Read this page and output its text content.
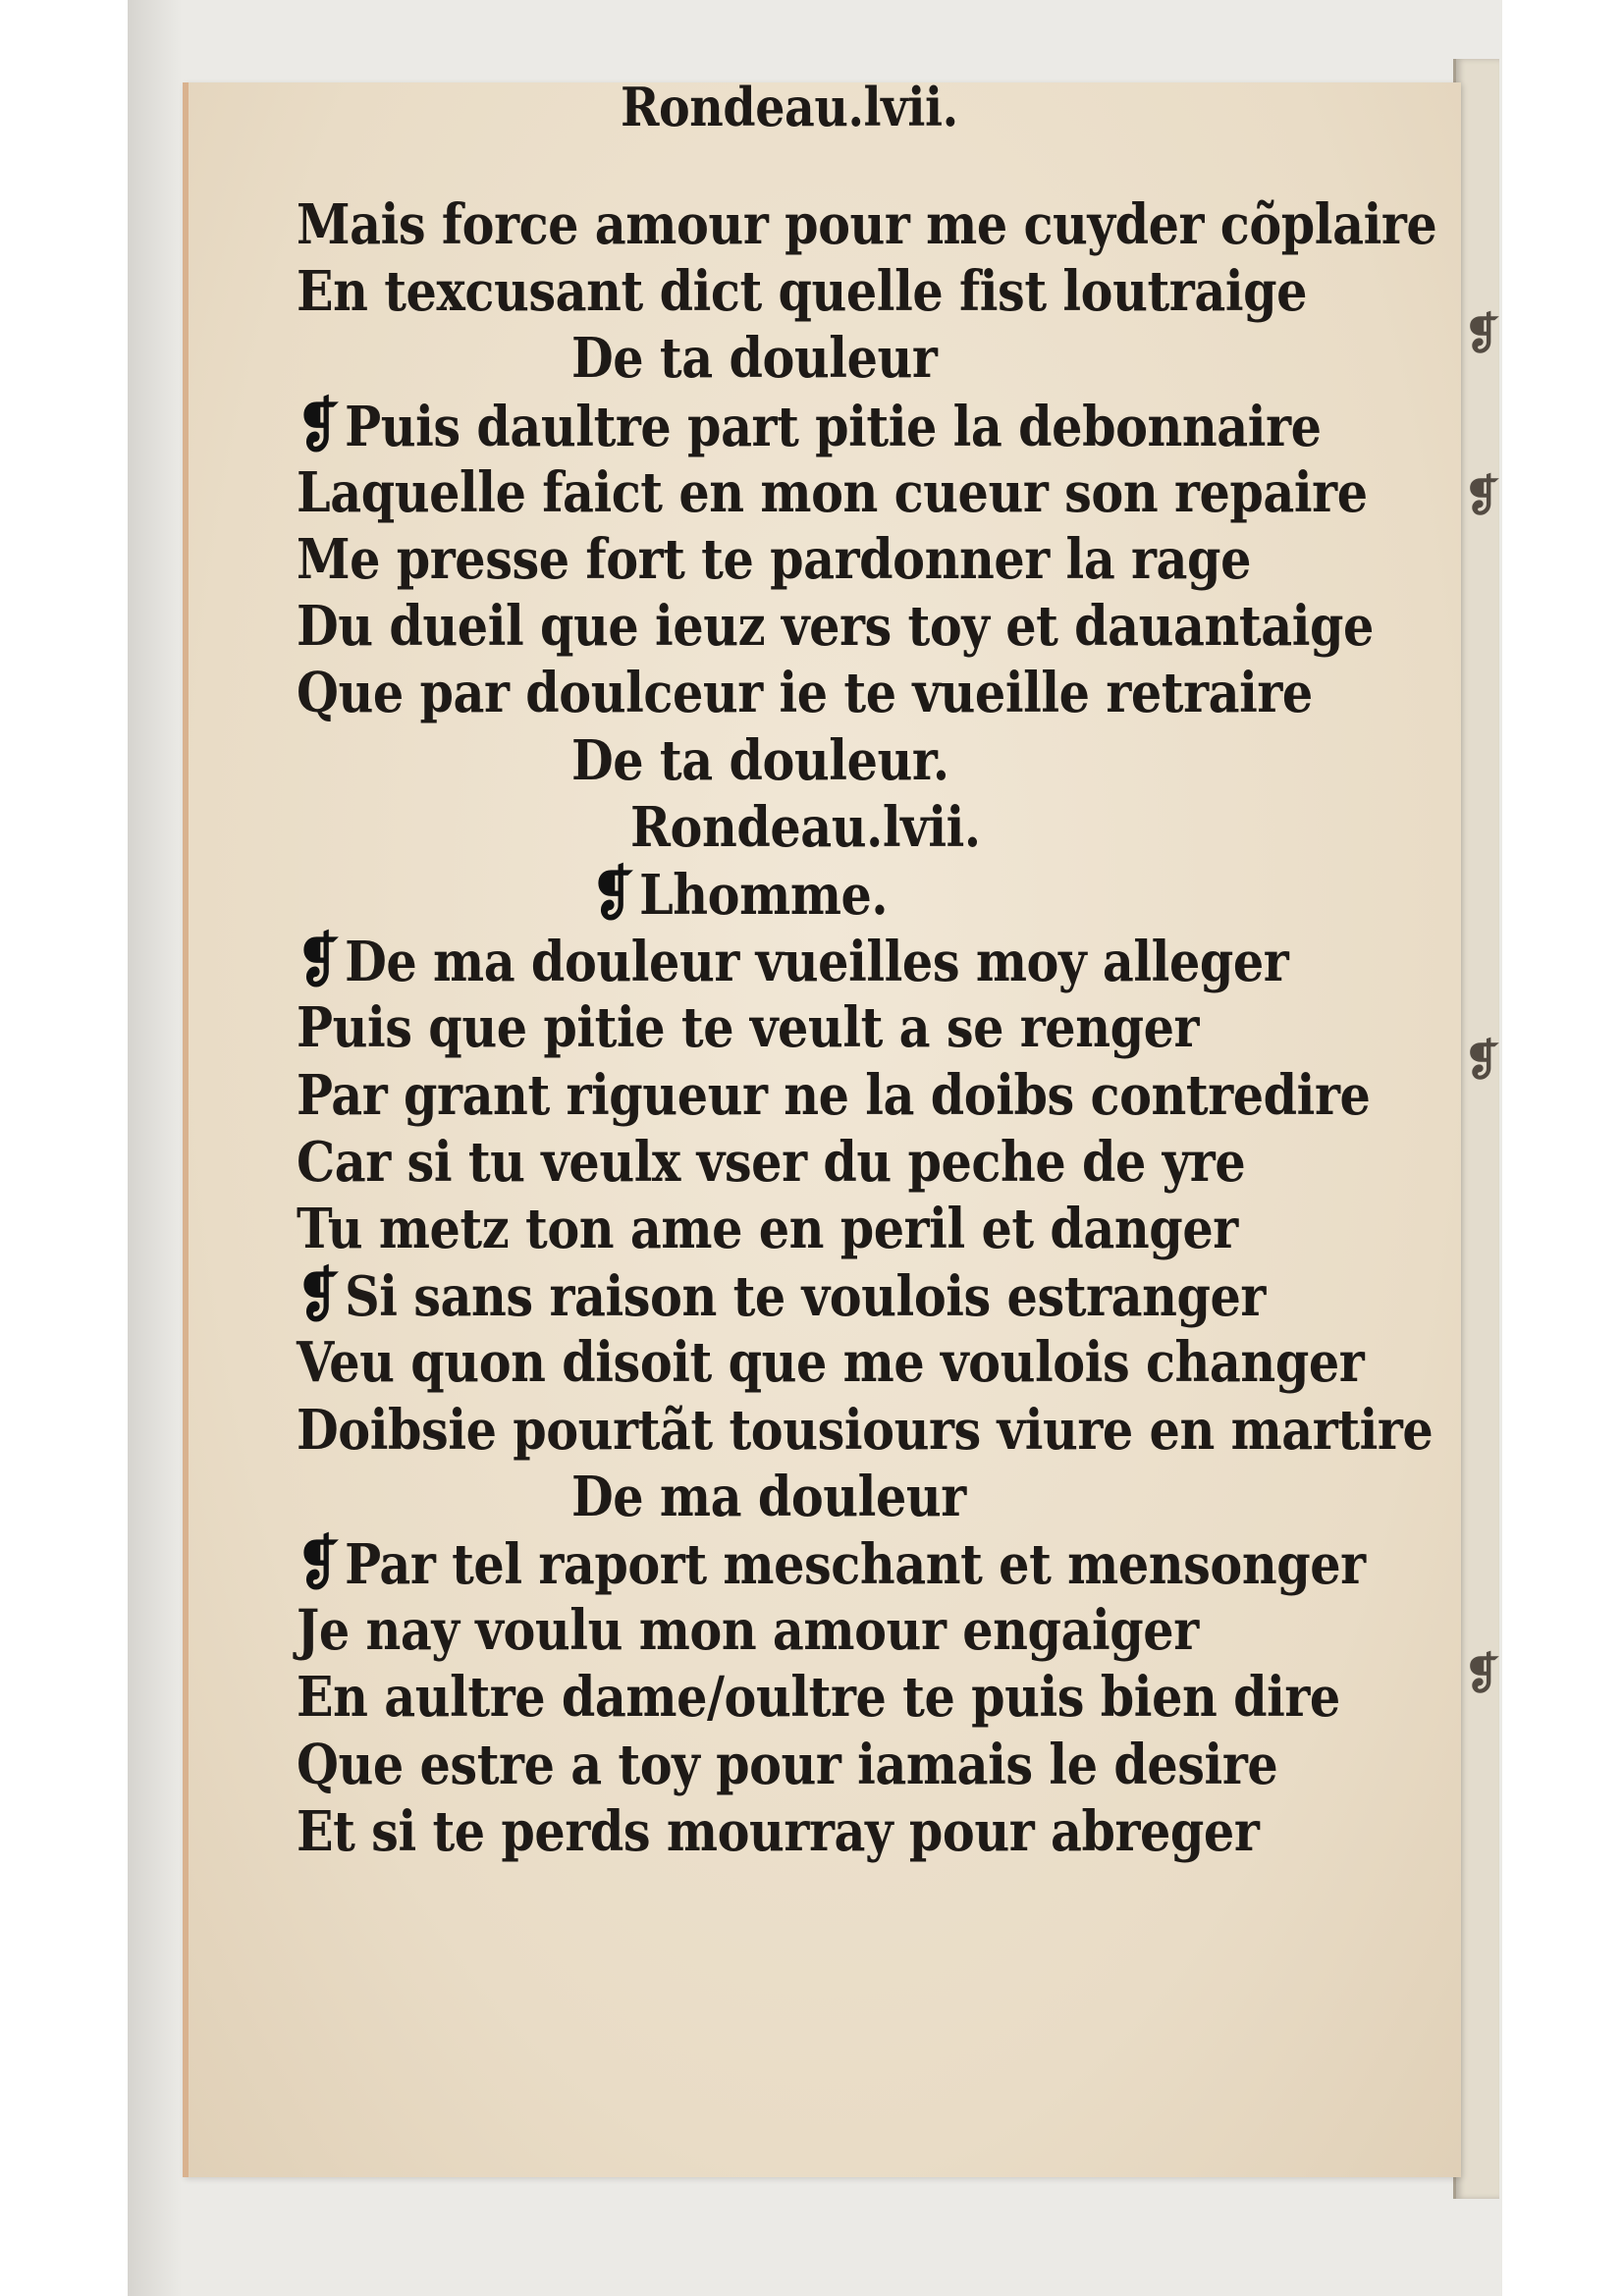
❡
❡
❡
❡
Rondeau.lvii.
Mais force amour pour me cuyder cõplaire
En texcusant dict quelle fist loutraige
De ta douleur
❡Puis daultre part pitie la debonnaire
Laquelle faict en mon cueur son repaire
Me presse fort te pardonner la rage
Du dueil que ieuz vers toy et dauantaige
Que par doulceur ie te vueille retraire
De ta douleur.
Rondeau.lvii.
❡Lhomme.
❡De ma douleur vueilles moy alleger
Puis que pitie te veult a se renger
Par grant rigueur ne la doibs contredire
Car si tu veulx vser du peche de yre
Tu metz ton ame en peril et danger
❡Si sans raison te voulois estranger
Veu quon disoit que me voulois changer
Doibsie pourtãt tousiours viure en martire
De ma douleur
❡Par tel raport meschant et mensonger
Je nay voulu mon amour engaiger
En aultre dame/oultre te puis bien dire
Que estre a toy pour iamais le desire
Et si te perds mourray pour abreger
